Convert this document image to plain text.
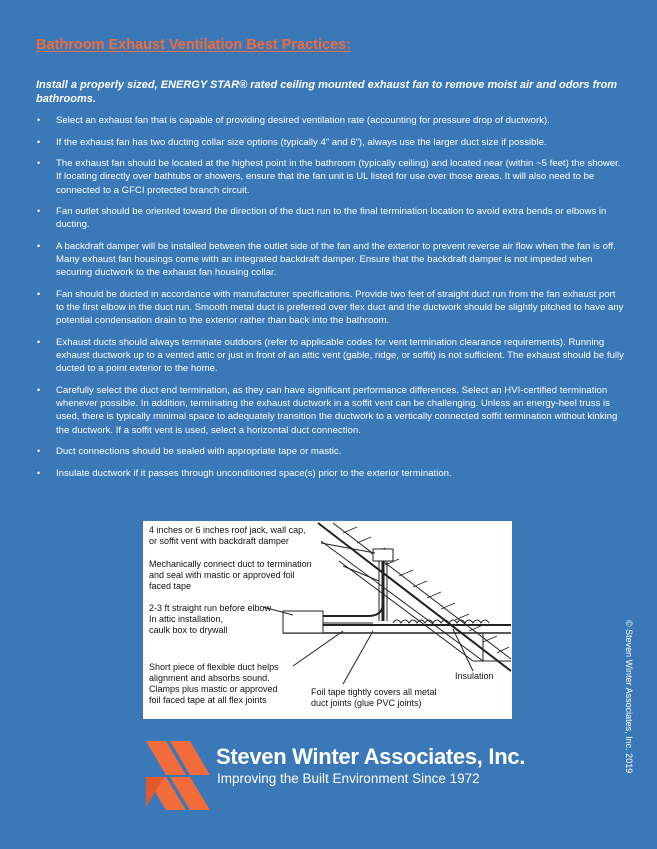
Bathroom Exhaust Ventilation Best Practices:
Install a properly sized, ENERGY STAR® rated ceiling mounted exhaust fan to remove moist air and odors from bathrooms.
• Select an exhaust fan that is capable of providing desired ventilation rate (accounting for pressure drop of ductwork).
• If the exhaust fan has two ducting collar size options (typically 4” and 6”), always use the larger duct size if possible.
• The exhaust fan should be located at the highest point in the bathroom (typically ceiling) and located near (within ~5 feet) the shower. If locating directly over bathtubs or showers, ensure that the fan unit is UL listed for use over those areas. It will also need to be connected to a GFCI protected branch circuit.
• Fan outlet should be oriented toward the direction of the duct run to the final termination location to avoid extra bends or elbows in ducting.
• A backdraft damper will be installed between the outlet side of the fan and the exterior to prevent reverse air flow when the fan is off. Many exhaust fan housings come with an integrated backdraft damper. Ensure that the backdraft damper is not impeded when securing ductwork to the exhaust fan housing collar.
• Fan should be ducted in accordance with manufacturer specifications. Provide two feet of straight duct run from the fan exhaust port to the first elbow in the duct run. Smooth metal duct is preferred over flex duct and the ductwork should be slightly pitched to have any potential condensation drain to the exterior rather than back into the bathroom.
• Exhaust ducts should always terminate outdoors (refer to applicable codes for vent termination clearance requirements). Running exhaust ductwork up to a vented attic or just in front of an attic vent (gable, ridge, or soffit) is not sufficient. The exhaust should be fully ducted to a point exterior to the home.
• Carefully select the duct end termination, as they can have significant performance differences. Select an HVI-certified termination whenever possible. In addition, terminating the exhaust ductwork in a soffit vent can be challenging. Unless an energy-heel truss is used, there is typically minimal space to adequately transition the ductwork to a vertically connected soffit termination without kinking the ductwork. If a soffit vent is used, select a horizontal duct connection.
• Duct connections should be sealed with appropriate tape or mastic.
• Insulate ductwork if it passes through unconditioned space(s) prior to the exterior termination.
4 inches or 6 inches roof jack, wall cap,
or soffit vent with backdraft damper
Mechanically connect duct to termination
and seal with mastic or approved foil
faced tape
2-3 ft straight run before elbow
In attic installation,
caulk box to drywall
Short piece of flexible duct helps
alignment and absorbs sound.
Clamps plus mastic or approved
foil faced tape at all flex joints
Foil tape tightly covers all metal
duct joints (glue PVC joints)
Insulation
Steven Winter Associates, Inc.
Improving the Built Environment Since 1972
© Steven Winter Associates, Inc. 2019
